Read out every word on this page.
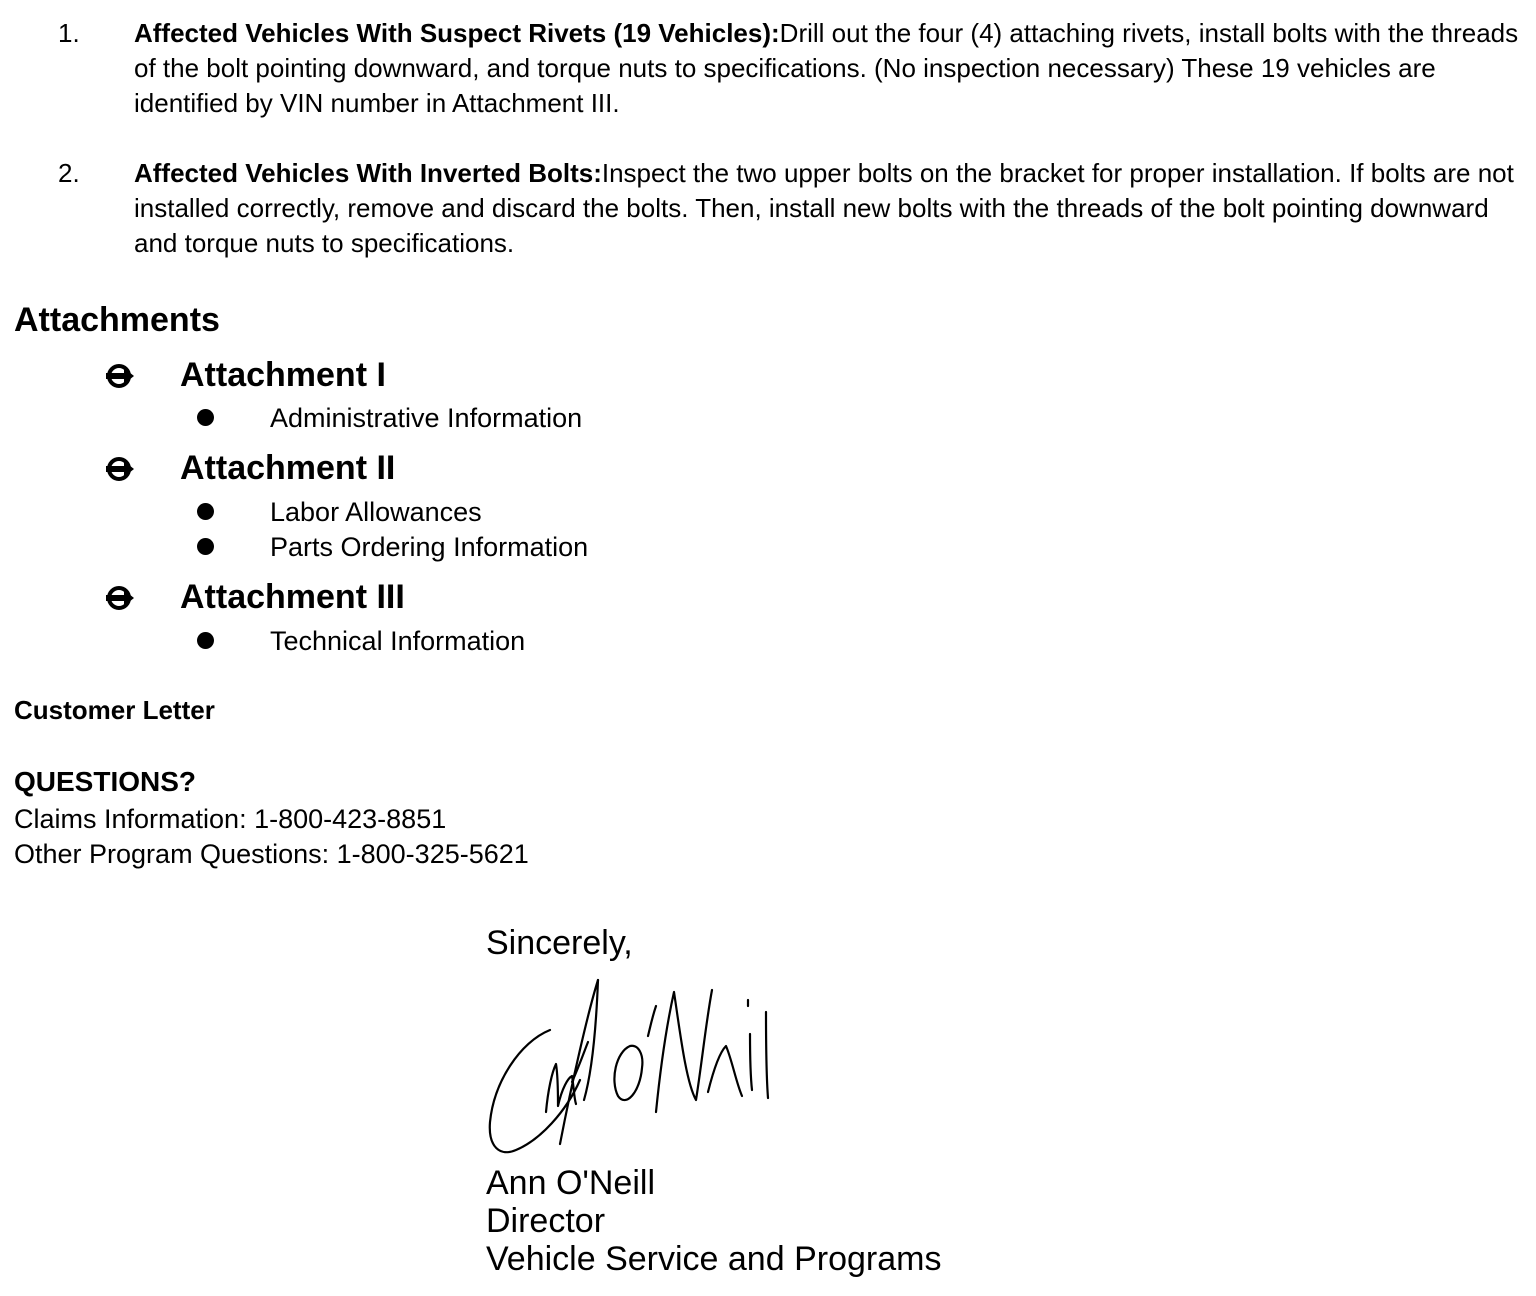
1. Affected Vehicles With Suspect Rivets (19 Vehicles):Drill out the four (4) attaching rivets, install bolts with the threads of the bolt pointing downward, and torque nuts to specifications. (No inspection necessary) These 19 vehicles are identified by VIN number in Attachment III.
2. Affected Vehicles With Inverted Bolts:Inspect the two upper bolts on the bracket for proper installation. If bolts are not installed correctly, remove and discard the bolts. Then, install new bolts with the threads of the bolt pointing downward and torque nuts to specifications.
Attachments
Attachment I
Administrative Information
Attachment II
Labor Allowances
Parts Ordering Information
Attachment III
Technical Information
Customer Letter
QUESTIONS?
Claims Information: 1-800-423-8851
Other Program Questions: 1-800-325-5621
Sincerely,
Ann O'Neill
Director
Vehicle Service and Programs
